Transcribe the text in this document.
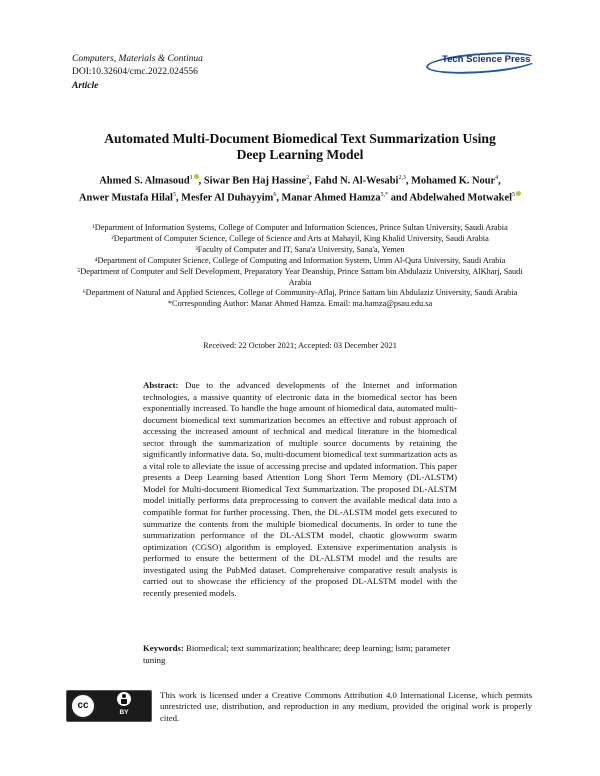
Computers, Materials & Continua
DOI:10.32604/cmc.2022.024556
Article
Tech Science Press
Automated Multi-Document Biomedical Text Summarization Using Deep Learning Model
Ahmed S. Almasoud$^1$ , Siwar Ben Haj Hassine$^2$, Fahd N. Al-Wesabi$^{2,3}$, Mohamed K. Nour$^4$,
Anwer Mustafa Hilal$^5$, Mesfer Al Duhayyim$^6$, Manar Ahmed Hamza$^{5,*}$ and Abdelwahed Motwakel$^5$

¹Department of Information Systems, College of Computer and Information Sciences, Prince Sultan University, Saudi Arabia

²Department of Computer Science, College of Science and Arts at Mahayil, King Khalid University, Saudi Arabia

³Faculty of Computer and IT, Sana'a University, Sana'a, Yemen

⁴Department of Computer Science, College of Computing and Information System, Umm Al-Qura University, Saudi Arabia

⁵Department of Computer and Self Development, Preparatory Year Deanship, Prince Sattam bin Abdulaziz University, AlKharj, Saudi Arabia

⁶Department of Natural and Applied Sciences, College of Community-Aflaj, Prince Sattam bin Abdulaziz University, Saudi Arabia

*Corresponding Author: Manar Ahmed Hamza. Email: ma.hamza@psau.edu.sa

Received: 22 October 2021; Accepted: 03 December 2021
Abstract: Due to the advanced developments of the Internet and information technologies, a massive quantity of electronic data in the biomedical sector has been exponentially increased. To handle the huge amount of biomedical data, automated multi-document biomedical text summarization becomes an effective and robust approach of accessing the increased amount of technical and medical literature in the biomedical sector through the summarization of multiple source documents by retaining the significantly informative data. So, multi-document biomedical text summarization acts as a vital role to alleviate the issue of accessing precise and updated information. This paper presents a Deep Learning based Attention Long Short Term Memory (DL-ALSTM) Model for Multi-document Biomedical Text Summarization. The proposed DL-ALSTM model initially performs data preprocessing to convert the available medical data into a compatible format for further processing. Then, the DL-ALSTM model gets executed to summarize the contents from the multiple biomedical documents. In order to tune the summarization performance of the DL-ALSTM model, chaotic glowworm swarm optimization (CGSO) algorithm is employed. Extensive experimentation analysis is performed to ensure the betterment of the DL-ALSTM model and the results are investigated using the PubMed dataset. Comprehensive comparative result analysis is carried out to showcase the efficiency of the proposed DL-ALSTM model with the recently presented models.
Keywords: Biomedical; text summarization; healthcare; deep learning; lstm; parameter tuning
cc
BY
This work is licensed under a Creative Commons Attribution 4.0 International License, which permits unrestricted use, distribution, and reproduction in any medium, provided the original work is properly cited.
